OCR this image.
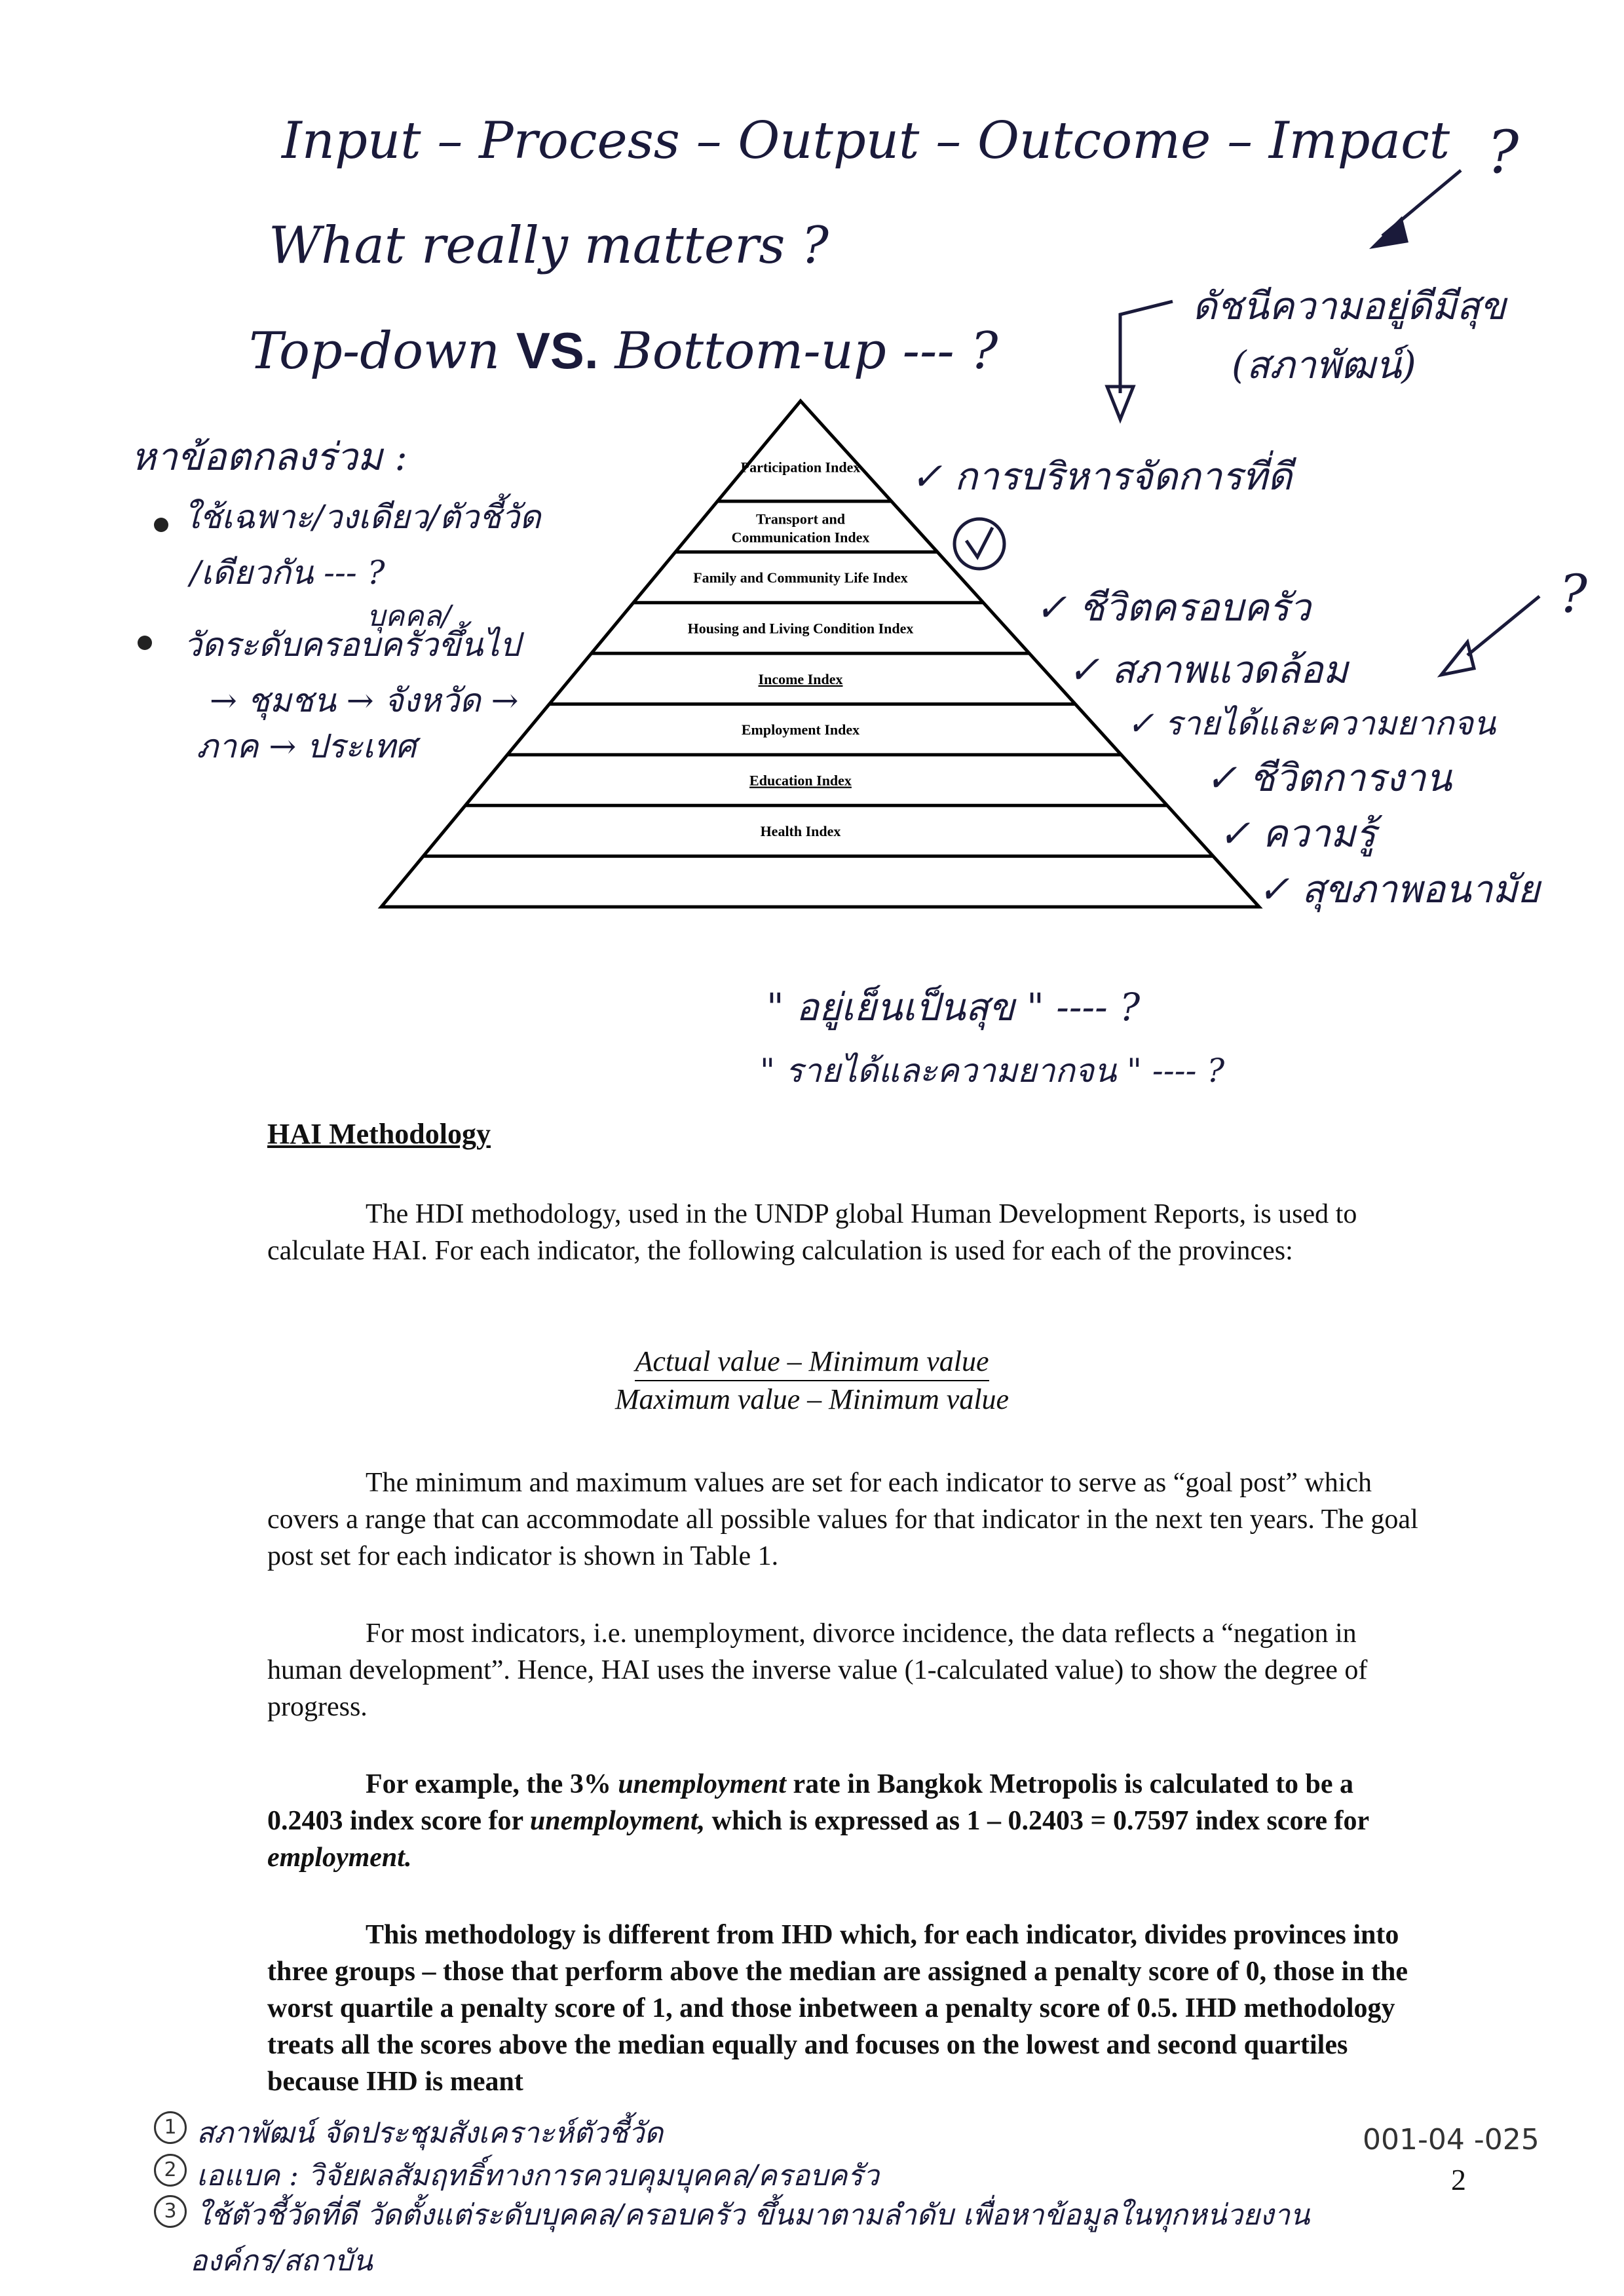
Input – Process – Output – Outcome – Impact
What really matters ?
Top-down VS. Bottom-up --- ?
?
?
ดัชนีความอยู่ดีมีสุข
(สภาพัฒน์)
หาข้อตกลงร่วม :
ใช้เฉพาะ/วงเดียว/ตัวชี้วัด
/เดียวกัน --- ?
บุคคล/
วัดระดับครอบครัวขึ้นไป
→ ชุมชน → จังหวัด →
ภาค → ประเทศ
Participation Index
Transport and Communication Index
Family and Community Life Index
Housing and Living Condition Index
Income Index
Employment Index
Education Index
Health Index
✓ การบริหารจัดการที่ดี
✓ ชีวิตครอบครัว
✓ สภาพแวดล้อม
✓ รายได้และความยากจน
✓ ชีวิตการงาน
✓ ความรู้
✓ สุขภาพอนามัย
" อยู่เย็นเป็นสุข " ---- ?
" รายได้และความยากจน " ---- ?
HAI Methodology

The HDI methodology, used in the UNDP global Human Development Reports, is used to calculate HAI. For each indicator, the following calculation is used for each of the provinces:

Actual value – Minimum value
Maximum value – Minimum value

The minimum and maximum values are set for each indicator to serve as “goal post” which covers a range that can accommodate all possible values for that indicator in the next ten years. The goal post set for each indicator is shown in Table 1.

For most indicators, i.e. unemployment, divorce incidence, the data reflects a “negation in human development”. Hence, HAI uses the inverse value (1-calculated value) to show the degree of progress.

For example, the 3% unemployment rate in Bangkok Metropolis is calculated to be a 0.2403 index score for unemployment, which is expressed as 1 – 0.2403 = 0.7597 index score for employment.

This methodology is different from IHD which, for each indicator, divides provinces into three groups – those that perform above the median are assigned a penalty score of 0, those in the worst quartile a penalty score of 1, and those inbetween a penalty score of 0.5. IHD methodology treats all the scores above the median equally and focuses on the lowest and second quartiles because IHD is meant

1 สภาพัฒน์ จัดประชุมสังเคราะห์ตัวชี้วัด
2 เอแบค : วิจัยผลสัมฤทธิ์ทางการควบคุมบุคคล/ครอบครัว
3 ใช้ตัวชี้วัดที่ดี วัดตั้งแต่ระดับบุคคล/ครอบครัว ขึ้นมาตามลำดับ เพื่อหาข้อมูลในทุกหน่วยงาน
องค์กร/สถาบัน
001-04 -025
2
